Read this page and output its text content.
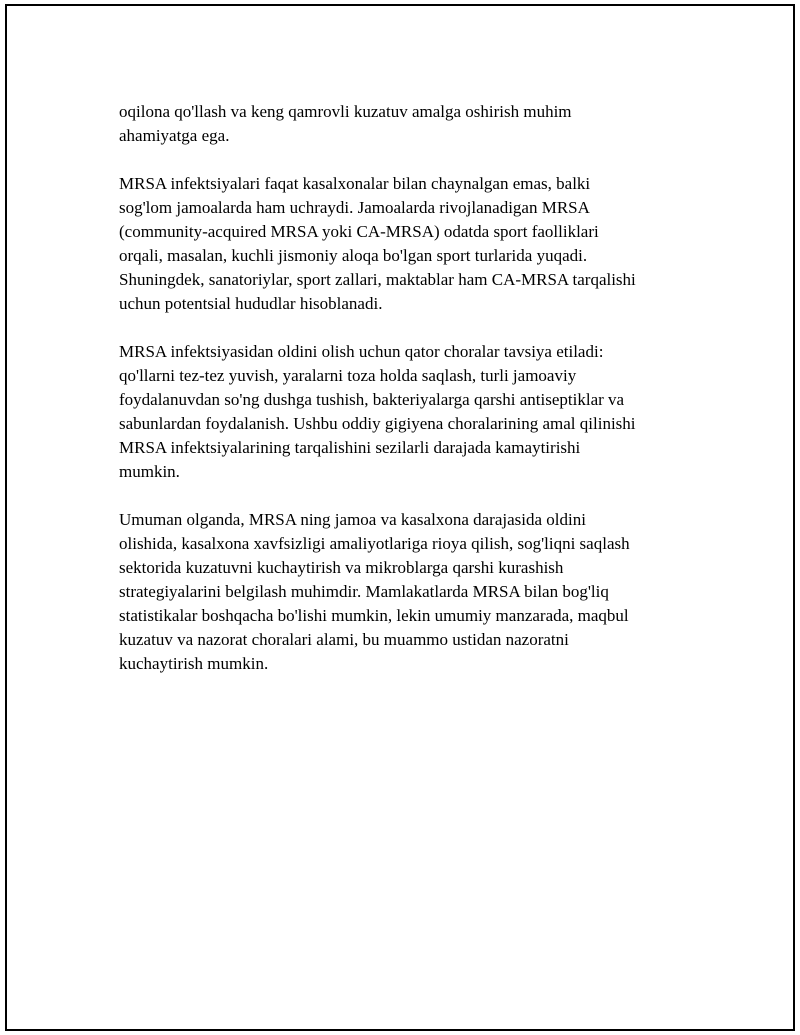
oqilona qo'llash va keng qamrovli kuzatuv amalga oshirish muhim
ahamiyatga ega.

MRSA infektsiyalari faqat kasalxonalar bilan chaynalgan emas, balki
sog'lom jamoalarda ham uchraydi. Jamoalarda rivojlanadigan MRSA
(community-acquired MRSA yoki CA-MRSA) odatda sport faolliklari
orqali, masalan, kuchli jismoniy aloqa bo'lgan sport turlarida yuqadi.
Shuningdek, sanatoriylar, sport zallari, maktablar ham CA-MRSA tarqalishi
uchun potentsial hududlar hisoblanadi.

MRSA infektsiyasidan oldini olish uchun qator choralar tavsiya etiladi:
qo'llarni tez-tez yuvish, yaralarni toza holda saqlash, turli jamoaviy
foydalanuvdan so'ng dushga tushish, bakteriyalarga qarshi antiseptiklar va
sabunlardan foydalanish. Ushbu oddiy gigiyena choralarining amal qilinishi
MRSA infektsiyalarining tarqalishini sezilarli darajada kamaytirishi
mumkin.

Umuman olganda, MRSA ning jamoa va kasalxona darajasida oldini
olishida, kasalxona xavfsizligi amaliyotlariga rioya qilish, sog'liqni saqlash
sektorida kuzatuvni kuchaytirish va mikroblarga qarshi kurashish
strategiyalarini belgilash muhimdir. Mamlakatlarda MRSA bilan bog'liq
statistikalar boshqacha bo'lishi mumkin, lekin umumiy manzarada, maqbul
kuzatuv va nazorat choralari alami, bu muammo ustidan nazoratni
kuchaytirish mumkin.
